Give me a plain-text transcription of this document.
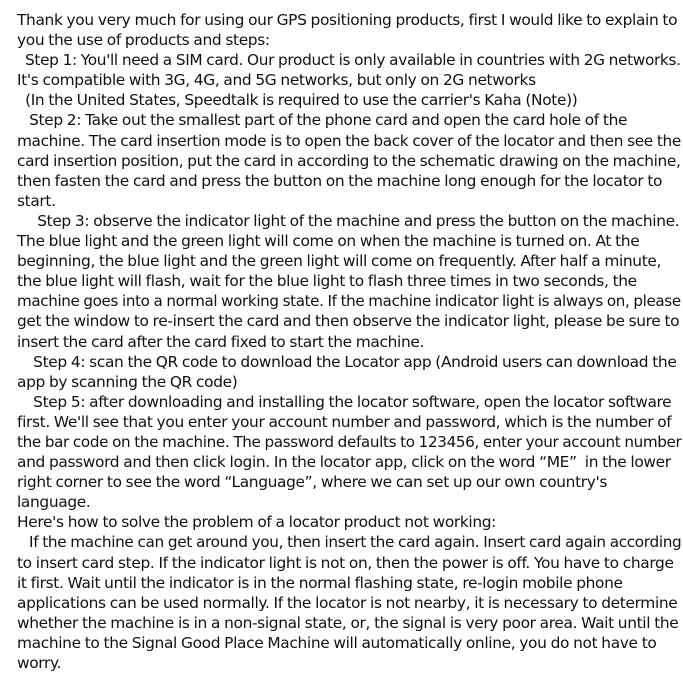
Thank you very much for using our GPS positioning products, first I would like to explain to
you the use of products and steps:
Step 1: You'll need a SIM card. Our product is only available in countries with 2G networks.
It's compatible with 3G, 4G, and 5G networks, but only on 2G networks
(In the United States, Speedtalk is required to use the carrier's Kaha (Note))
Step 2: Take out the smallest part of the phone card and open the card hole of the
machine. The card insertion mode is to open the back cover of the locator and then see the
card insertion position, put the card in according to the schematic drawing on the machine,
then fasten the card and press the button on the machine long enough for the locator to
start.
Step 3: observe the indicator light of the machine and press the button on the machine.
The blue light and the green light will come on when the machine is turned on. At the
beginning, the blue light and the green light will come on frequently. After half a minute,
the blue light will flash, wait for the blue light to flash three times in two seconds, the
machine goes into a normal working state. If the machine indicator light is always on, please
get the window to re-insert the card and then observe the indicator light, please be sure to
insert the card after the card fixed to start the machine.
Step 4: scan the QR code to download the Locator app (Android users can download the
app by scanning the QR code)
Step 5: after downloading and installing the locator software, open the locator software
first. We'll see that you enter your account number and password, which is the number of
the bar code on the machine. The password defaults to 123456, enter your account number
and password and then click login. In the locator app, click on the word “ME”  in the lower
right corner to see the word “Language”, where we can set up our own country's
language.
Here's how to solve the problem of a locator product not working:
If the machine can get around you, then insert the card again. Insert card again according
to insert card step. If the indicator light is not on, then the power is off. You have to charge
it first. Wait until the indicator is in the normal flashing state, re-login mobile phone
applications can be used normally. If the locator is not nearby, it is necessary to determine
whether the machine is in a non-signal state, or, the signal is very poor area. Wait until the
machine to the Signal Good Place Machine will automatically online, you do not have to
worry.
